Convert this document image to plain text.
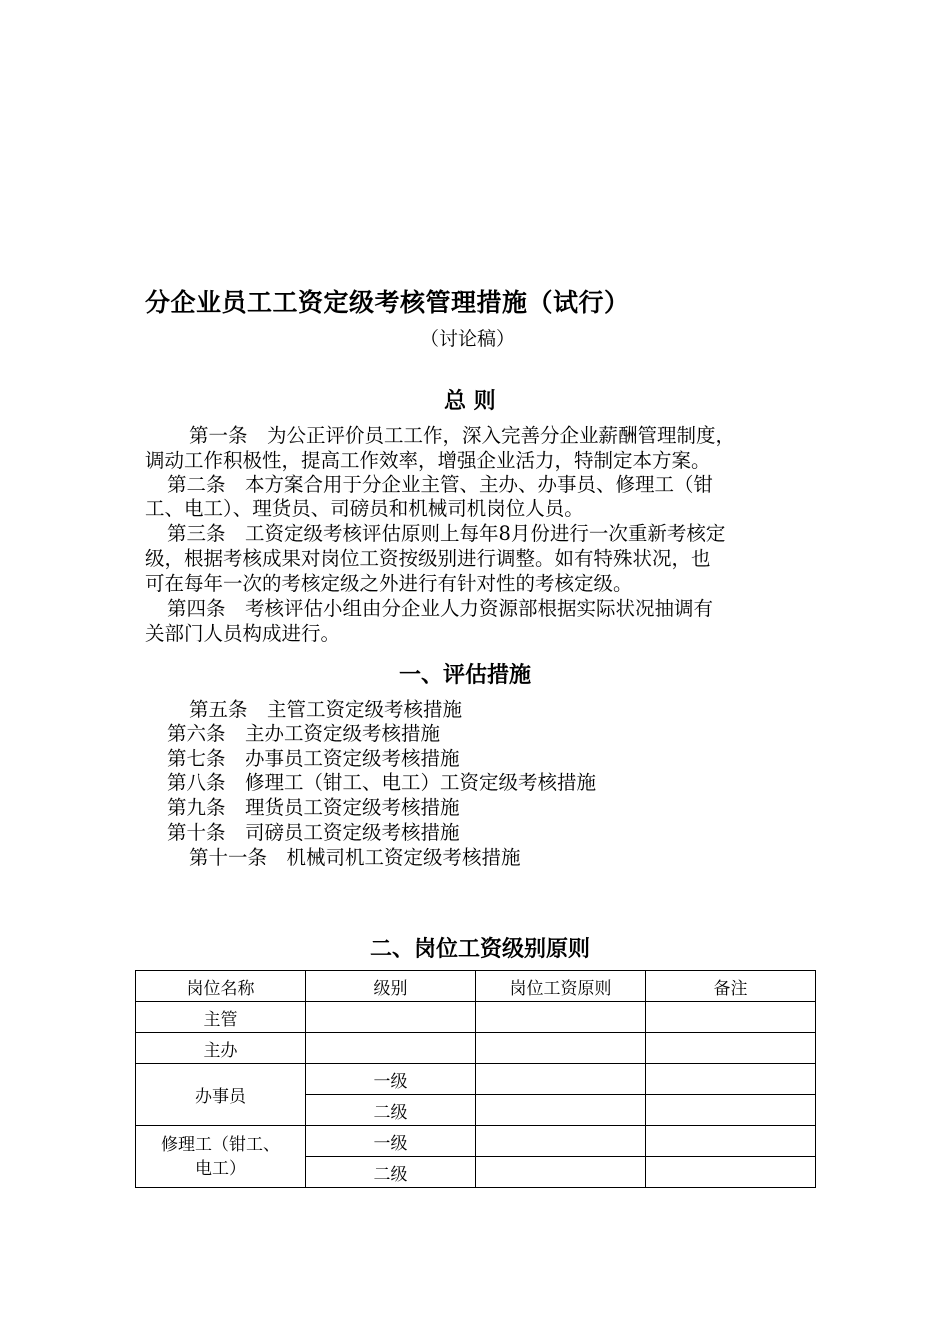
分企业员工工资定级考核管理措施（试行）
（讨论稿）
总 则
第一条　为公正评价员工工作，深入完善分企业薪酬管理制度，
调动工作积极性，提高工作效率，增强企业活力，特制定本方案。
第二条　本方案合用于分企业主管、主办、办事员、修理工（钳
工、电工）、理货员、司磅员和机械司机岗位人员。
第三条　工资定级考核评估原则上每年8月份进行一次重新考核定
级，根据考核成果对岗位工资按级别进行调整。如有特殊状况，也
可在每年一次的考核定级之外进行有针对性的考核定级。
第四条　考核评估小组由分企业人力资源部根据实际状况抽调有
关部门人员构成进行。
一、评估措施
第五条　主管工资定级考核措施
第六条　主办工资定级考核措施
第七条　办事员工资定级考核措施
第八条　修理工（钳工、电工）工资定级考核措施
第九条　理货员工资定级考核措施
第十条　司磅员工资定级考核措施
第十一条　机械司机工资定级考核措施
二、岗位工资级别原则
岗位名称	级别	岗位工资原则	备注
主管			
主办			
办事员	一级		
	二级		
修理工（钳工、
电工）	一级		
	二级		
